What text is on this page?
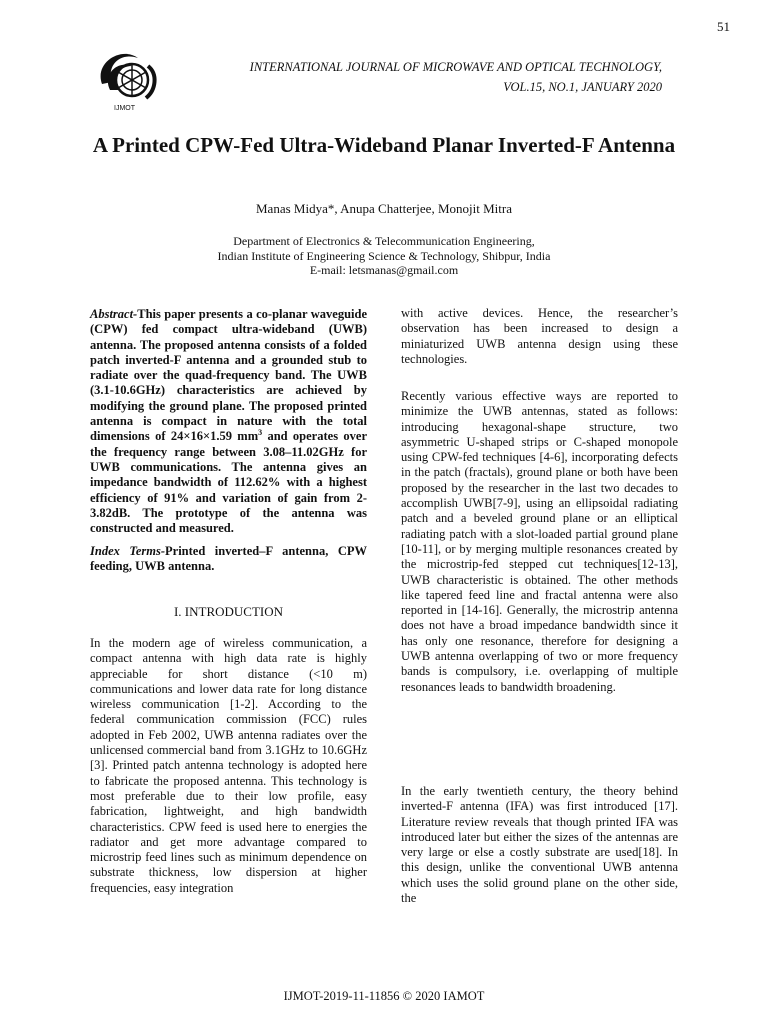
51
IJMOT
INTERNATIONAL JOURNAL OF MICROWAVE AND OPTICAL TECHNOLOGY,
VOL.15, NO.1, JANUARY 2020
A Printed CPW-Fed Ultra-Wideband Planar Inverted-F Antenna
Manas Midya*, Anupa Chatterjee, Monojit Mitra
Department of Electronics & Telecommunication Engineering,
Indian Institute of Engineering Science & Technology, Shibpur, India
E-mail: letsmanas@gmail.com
Abstract-This paper presents a co-planar waveguide (CPW) fed compact ultra-wideband (UWB) antenna. The proposed antenna consists of a folded patch inverted-F antenna and a grounded stub to radiate over the quad-frequency band. The UWB (3.1-10.6GHz) characteristics are achieved by modifying the ground plane. The proposed printed antenna is compact in nature with the total dimensions of 24×16×1.59 $mm^3$ and operates over the frequency range between 3.08–11.02GHz for UWB communications. The antenna gives an impedance bandwidth of 112.62% with a highest efficiency of 91% and variation of gain from 2-3.82dB. The prototype of the antenna was constructed and measured.
Index Terms-Printed inverted–F antenna, CPW feeding, UWB antenna.
I. INTRODUCTION

In the modern age of wireless communication, a compact antenna with high data rate is highly appreciable for short distance (<10 m) communications and lower data rate for long distance wireless communication [1-2]. According to the federal communication commission (FCC) rules adopted in Feb 2002, UWB antenna radiates over the unlicensed commercial band from 3.1GHz to 10.6GHz [3]. Printed patch antenna technology is adopted here to fabricate the proposed antenna. This technology is most preferable due to their low profile, easy fabrication, lightweight, and high bandwidth characteristics. CPW feed is used here to energies the radiator and get more advantage compared to microstrip feed lines such as minimum dependence on substrate thickness, low dispersion at higher frequencies, easy integration

with active devices. Hence, the researcher’s observation has been increased to design a miniaturized UWB antenna design using these technologies.

Recently various effective ways are reported to minimize the UWB antennas, stated as follows: introducing hexagonal-shape structure, two asymmetric U-shaped strips or C-shaped monopole using CPW-fed techniques [4-6], incorporating defects in the patch (fractals), ground plane or both have been proposed by the researcher in the last two decades to accomplish UWB[7-9], using an ellipsoidal radiating patch and a beveled ground plane or an elliptical radiating patch with a slot-loaded partial ground plane [10-11], or by merging multiple resonances created by the microstrip-fed stepped cut techniques[12-13], UWB characteristic is obtained. The other methods like tapered feed line and fractal antenna were also reported in [14-16]. Generally, the microstrip antenna does not have a broad impedance bandwidth since it has only one resonance, therefore for designing a UWB antenna overlapping of two or more frequency bands is compulsory, i.e. overlapping of multiple resonances leads to bandwidth broadening.

In the early twentieth century, the theory behind inverted-F antenna (IFA) was first introduced [17]. Literature review reveals that though printed IFA was introduced later but either the sizes of the antennas are very large or else a costly substrate are used[18]. In this design, unlike the conventional UWB antenna which uses the solid ground plane on the other side, the

IJMOT-2019-11-11856 © 2020 IAMOT
